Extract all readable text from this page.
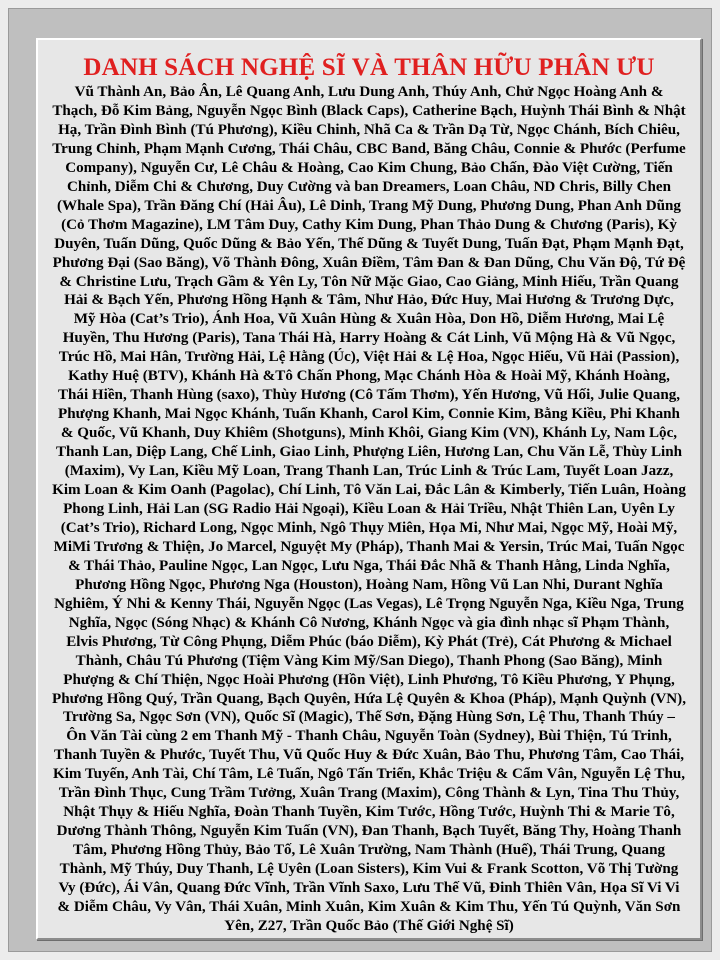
DANH SÁCH NGHỆ SĨ VÀ THÂN HỮU PHÂN ƯU

Vũ Thành An, Bảo Ân, Lê Quang Anh, Lưu Dung Anh, Thúy Anh, Chử Ngọc Hoàng Anh & Thạch, Đỗ Kim Bảng, Nguyễn Ngọc Bình (Black Caps), Catherine Bạch, Huỳnh Thái Bình & Nhật Hạ, Trần Đình Bình (Tú Phương), Kiều Chinh, Nhã Ca & Trần Dạ Từ, Ngọc Chánh, Bích Chiêu, Trung Chỉnh, Phạm Mạnh Cương, Thái Châu, CBC Band, Băng Châu, Connie & Phước (Perfume Company), Nguyễn Cư, Lê Châu & Hoàng, Cao Kim Chung, Bảo Chấn, Đào Việt Cường, Tiến Chỉnh, Diễm Chi & Chương, Duy Cường và ban Dreamers, Loan Châu, ND Chris, Billy Chen (Whale Spa), Trần Đăng Chí (Hải Âu), Lê Dinh, Trang Mỹ Dung, Phương Dung, Phan Anh Dũng (Cỏ Thơm Magazine), LM Tâm Duy, Cathy Kim Dung, Phan Thảo Dung & Chương (Paris), Kỳ Duyên, Tuấn Dũng, Quốc Dũng & Bảo Yến, Thế Dũng & Tuyết Dung, Tuấn Đạt, Phạm Mạnh Đạt, Phương Đại (Sao Băng), Võ Thành Đông, Xuân Điềm, Tâm Đan & Đan Dũng, Chu Văn Độ, Tứ Đệ & Christine Lưu, Trạch Gầm & Yên Ly, Tôn Nữ Mặc Giao, Cao Giảng, Minh Hiếu, Trần Quang Hải & Bạch Yến, Phương Hồng Hạnh & Tâm, Như Hảo, Đức Huy, Mai Hương & Trương Dực, Mỹ Hòa (Cat’s Trio), Ánh Hoa, Vũ Xuân Hùng & Xuân Hòa, Don Hồ, Diễm Hương, Mai Lệ Huyền, Thu Hương (Paris), Tana Thái Hà, Harry Hoàng & Cát Linh, Vũ Mộng Hà & Vũ Ngọc, Trúc Hồ, Mai Hân, Trường Hải, Lệ Hằng (Úc), Việt Hải & Lệ Hoa, Ngọc Hiếu, Vũ Hải (Passion), Kathy Huệ (BTV), Khánh Hà &Tô Chấn Phong, Mạc Chánh Hòa & Hoài Mỹ, Khánh Hoàng, Thái Hiền, Thanh Hùng (saxo), Thùy Hương (Cô Tấm Thơm), Yến Hương, Vũ Hối, Julie Quang, Phượng Khanh, Mai Ngọc Khánh, Tuấn Khanh, Carol Kim, Connie Kim, Bằng Kiều, Phi Khanh & Quốc, Vũ Khanh, Duy Khiêm (Shotguns), Minh Khôi, Giang Kim (VN), Khánh Ly, Nam Lộc, Thanh Lan, Diệp Lang, Chế Linh, Giao Linh, Phượng Liên, Hương Lan, Chu Văn Lễ, Thùy Linh (Maxim), Vy Lan, Kiều Mỹ Loan, Trang Thanh Lan, Trúc Linh & Trúc Lam, Tuyết Loan Jazz, Kim Loan & Kim Oanh (Pagolac), Chí Linh, Tô Văn Lai, Đắc Lân & Kimberly, Tiến Luân, Hoàng Phong Linh, Hải Lan (SG Radio Hải Ngoại), Kiều Loan & Hải Triều, Nhật Thiên Lan, Uyên Ly (Cat’s Trio), Richard Long, Ngọc Minh, Ngô Thụy Miên, Họa Mi, Như Mai, Ngọc Mỹ, Hoài Mỹ, MiMi Trương & Thiện, Jo Marcel, Nguyệt My (Pháp), Thanh Mai & Yersin, Trúc Mai, Tuấn Ngọc & Thái Thảo, Pauline Ngọc, Lan Ngọc, Lưu Nga, Thái Đắc Nhã & Thanh Hằng, Linda Nghĩa, Phương Hồng Ngọc, Phương Nga (Houston), Hoàng Nam, Hồng Vũ Lan Nhi, Durant Nghĩa Nghiêm, Ý Nhi & Kenny Thái, Nguyễn Ngọc (Las Vegas), Lê Trọng Nguyễn Nga, Kiều Nga, Trung Nghĩa, Ngọc (Sóng Nhạc) & Khánh Cô Nương, Khánh Ngọc và gia đình nhạc sĩ Phạm Thành, Elvis Phương, Từ Công Phụng, Diễm Phúc (báo Diễm), Kỳ Phát (Trẻ), Cát Phương & Michael Thành, Châu Tú Phương (Tiệm Vàng Kim Mỹ/San Diego), Thanh Phong (Sao Băng), Minh Phượng & Chí Thiện, Ngọc Hoài Phương (Hồn Việt), Linh Phương, Tô Kiều Phương, Y Phụng, Phương Hồng Quý, Trần Quang, Bạch Quyên, Hứa Lệ Quyên & Khoa (Pháp), Mạnh Quỳnh (VN), Trường Sa, Ngọc Sơn (VN), Quốc Sĩ (Magic), Thế Sơn, Đặng Hùng Sơn, Lệ Thu, Thanh Thúy – Ôn Văn Tài cùng 2 em Thanh Mỹ - Thanh Châu, Nguyễn Toàn (Sydney), Bùi Thiện, Tú Trinh, Thanh Tuyền & Phước, Tuyết Thu, Vũ Quốc Huy & Đức Xuân, Bảo Thu, Phương Tâm, Cao Thái, Kim Tuyến, Anh Tài, Chí Tâm, Lê Tuấn, Ngô Tấn Triển, Khắc Triệu & Cẩm Vân, Nguyễn Lệ Thu, Trần Đình Thục, Cung Trầm Tưởng, Xuân Trang (Maxim), Công Thành & Lyn, Tina Thu Thủy, Nhật Thụy & Hiếu Nghĩa, Đoàn Thanh Tuyền, Kim Tước, Hồng Tước, Huỳnh Thi & Marie Tô, Dương Thành Thông, Nguyễn Kim Tuấn (VN), Đan Thanh, Bạch Tuyết, Băng Thy, Hoàng Thanh Tâm, Phương Hồng Thủy, Bảo Tố, Lê Xuân Trường, Nam Thành (Huế), Thái Trung, Quang Thành, Mỹ Thúy, Duy Thanh, Lệ Uyên (Loan Sisters), Kim Vui & Frank Scotton, Võ Thị Tường Vy (Đức), Ái Vân, Quang Đức Vĩnh, Trần Vĩnh Saxo, Lưu Thế Vũ, Đinh Thiên Vân, Họa Sĩ Vi Vi & Diễm Châu, Vy Vân, Thái Xuân, Minh Xuân, Kim Xuân & Kim Thu, Yến Tú Quỳnh, Văn Sơn Yên, Z27, Trần Quốc Bảo (Thế Giới Nghệ Sĩ)
